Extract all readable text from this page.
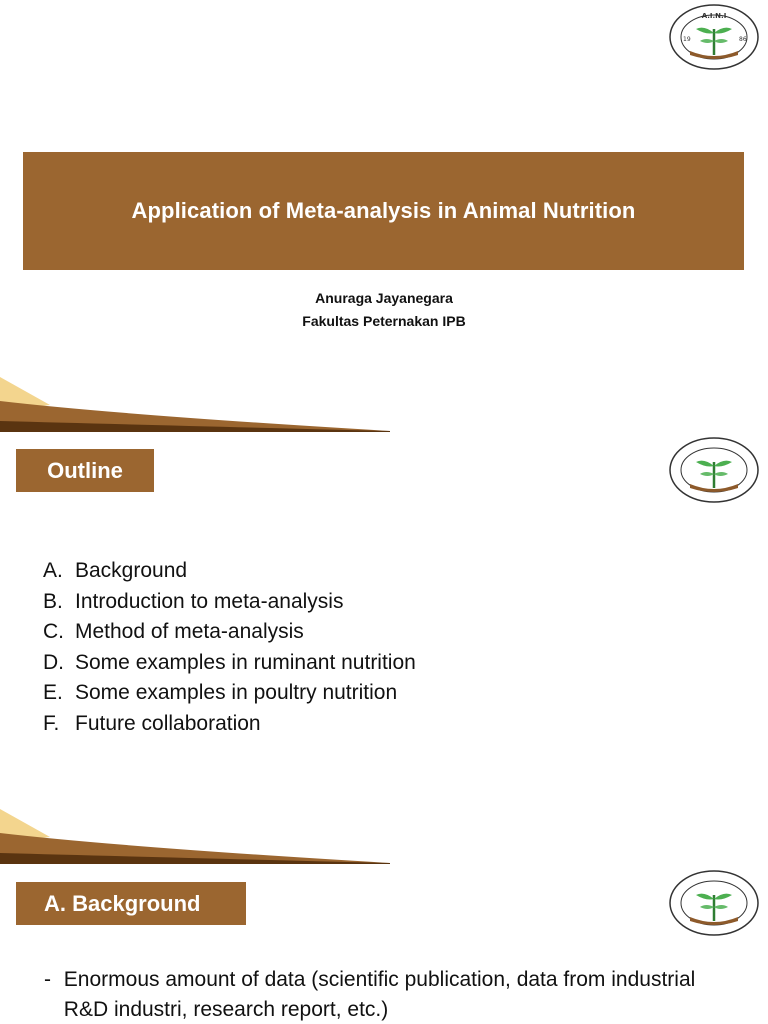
A.I.N.I
19	86
Application of Meta-analysis in Animal Nutrition
Anuraga Jayanegara
Fakultas Peternakan IPB
Outline
A. Background
B. Introduction to meta-analysis
C. Method of meta-analysis
D. Some examples in ruminant nutrition
E. Some examples in poultry nutrition
F. Future collaboration
A. Background
- Enormous amount of data (scientific publication, data from industrial R&D industri, research report, etc.)
